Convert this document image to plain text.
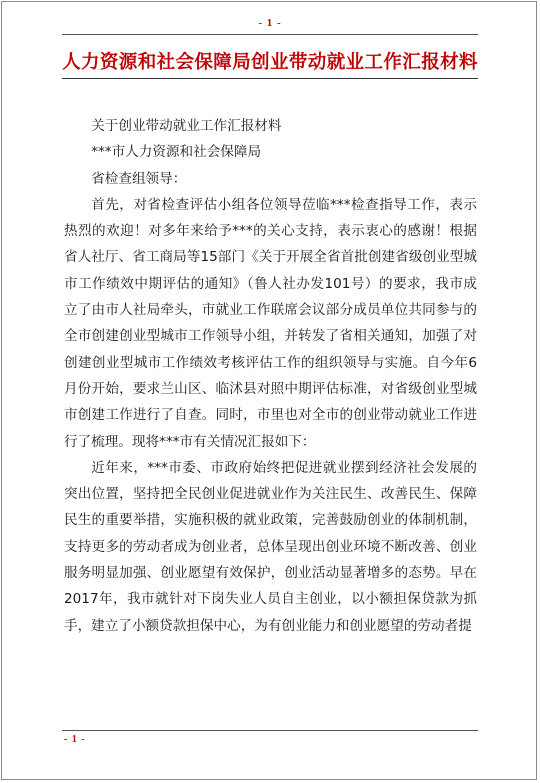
- 1 -
人力资源和社会保障局创业带动就业工作汇报材料

关于创业带动就业工作汇报材料

***市人力资源和社会保障局

省检查组领导：

首先，对省检查评估小组各位领导莅临***检查指导工作，表示热烈的欢迎！对多年来给予***的关心支持，表示衷心的感谢！根据省人社厅、省工商局等15部门《关于开展全省首批创建省级创业型城市工作绩效中期评估的通知》（鲁人社办发101号）的要求，我市成立了由市人社局牵头，市就业工作联席会议部分成员单位共同参与的全市创建创业型城市工作领导小组，并转发了省相关通知，加强了对创建创业型城市工作绩效考核评估工作的组织领导与实施。自今年6月份开始，要求兰山区、临沭县对照中期评估标准，对省级创业型城市创建工作进行了自查。同时，市里也对全市的创业带动就业工作进行了梳理。现将***市有关情况汇报如下：

近年来，***市委、市政府始终把促进就业摆到经济社会发展的突出位置，坚持把全民创业促进就业作为关注民生、改善民生、保障民生的重要举措，实施积极的就业政策，完善鼓励创业的体制机制，支持更多的劳动者成为创业者，总体呈现出创业环境不断改善、创业服务明显加强、创业愿望有效保护，创业活动显著增多的态势。早在2017年，我市就针对下岗失业人员自主创业，以小额担保贷款为抓手，建立了小额贷款担保中心，为有创业能力和创业愿望的劳动者提

- 1 -
